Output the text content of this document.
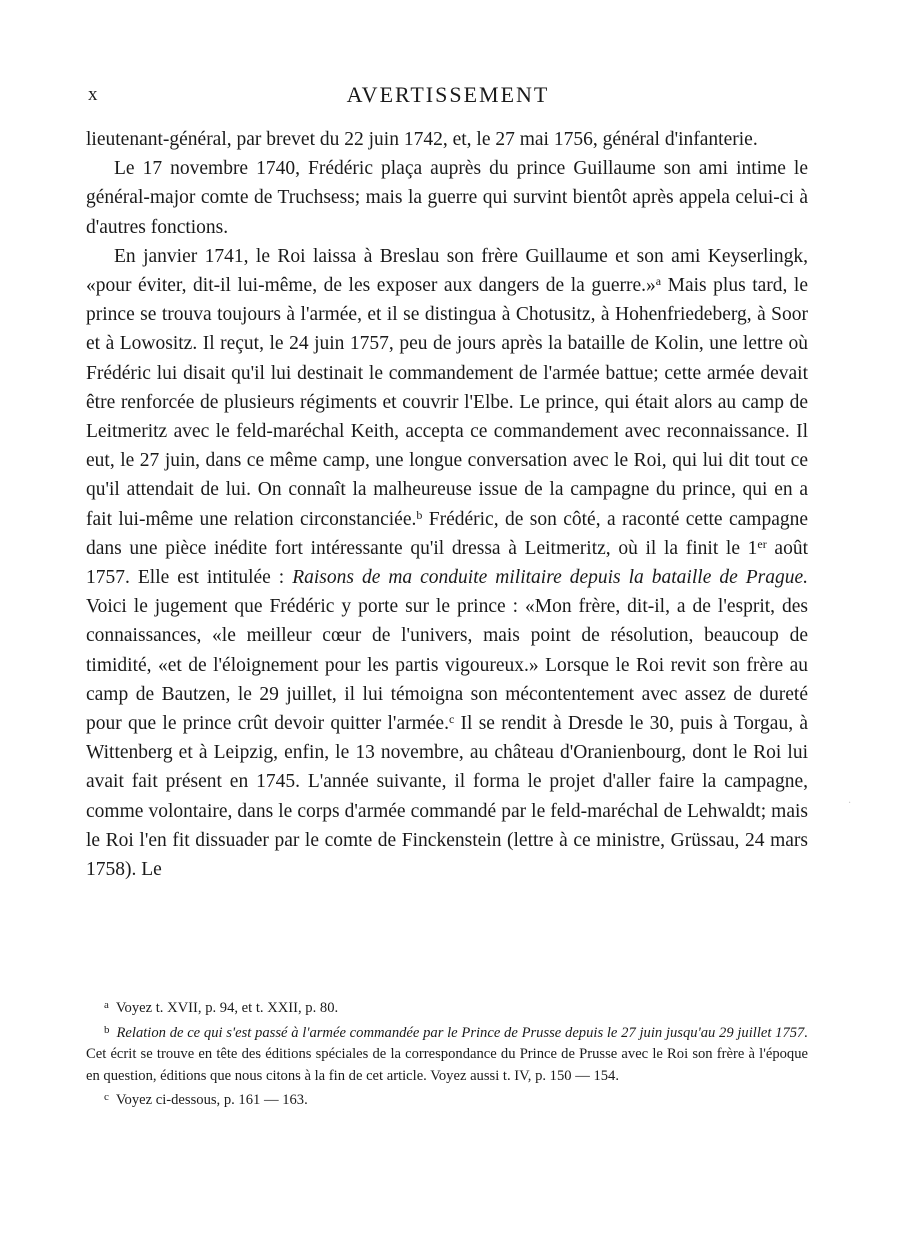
x	AVERTISSEMENT

lieutenant-général, par brevet du 22 juin 1742, et, le 27 mai 1756, général d'infanterie.

Le 17 novembre 1740, Frédéric plaça auprès du prince Guillaume son ami intime le général-major comte de Truchsess; mais la guerre qui survint bientôt après appela celui-ci à d'autres fonctions.

En janvier 1741, le Roi laissa à Breslau son frère Guillaume et son ami Keyserlingk, «pour éviter, dit-il lui-même, de les exposer aux dangers de la guerre.»$^a$ Mais plus tard, le prince se trouva toujours à l'armée, et il se distingua à Chotusitz, à Hohenfriedeberg, à Soor et à Lowositz. Il reçut, le 24 juin 1757, peu de jours après la bataille de Kolin, une lettre où Frédéric lui disait qu'il lui destinait le commandement de l'armée battue; cette armée devait être renforcée de plusieurs régiments et couvrir l'Elbe. Le prince, qui était alors au camp de Leitmeritz avec le feld-maréchal Keith, accepta ce commandement avec reconnaissance. Il eut, le 27 juin, dans ce même camp, une longue conversation avec le Roi, qui lui dit tout ce qu'il attendait de lui. On connaît la malheureuse issue de la campagne du prince, qui en a fait lui-même une relation circonstanciée.$^b$ Frédéric, de son côté, a raconté cette campagne dans une pièce inédite fort intéressante qu'il dressa à Leitmeritz, où il la finit le 1er août 1757. Elle est intitulée : Raisons de ma conduite militaire depuis la bataille de Prague. Voici le jugement que Frédéric y porte sur le prince : «Mon frère, dit-il, a de l'esprit, des connaissances, «le meilleur cœur de l'univers, mais point de résolution, beaucoup de timidité, «et de l'éloignement pour les partis vigoureux.» Lorsque le Roi revit son frère au camp de Bautzen, le 29 juillet, il lui témoigna son mécontentement avec assez de dureté pour que le prince crût devoir quitter l'armée.$^c$ Il se rendit à Dresde le 30, puis à Torgau, à Wittenberg et à Leipzig, enfin, le 13 novembre, au château d'Oranienbourg, dont le Roi lui avait fait présent en 1745. L'année suivante, il forma le projet d'aller faire la campagne, comme volontaire, dans le corps d'armée commandé par le feld-maréchal de Lehwaldt; mais le Roi l'en fit dissuader par le comte de Finckenstein (lettre à ce ministre, Grüssau, 24 mars 1758). Le

$^a$ Voyez t. XVII, p. 94, et t. XXII, p. 80.

$^b$ Relation de ce qui s'est passé à l'armée commandée par le Prince de Prusse depuis le 27 juin jusqu'au 29 juillet 1757. Cet écrit se trouve en tête des éditions spéciales de la correspondance du Prince de Prusse avec le Roi son frère à l'époque en question, éditions que nous citons à la fin de cet article. Voyez aussi t. IV, p. 150 — 154.

$^c$ Voyez ci-dessous, p. 161 — 163.

·
